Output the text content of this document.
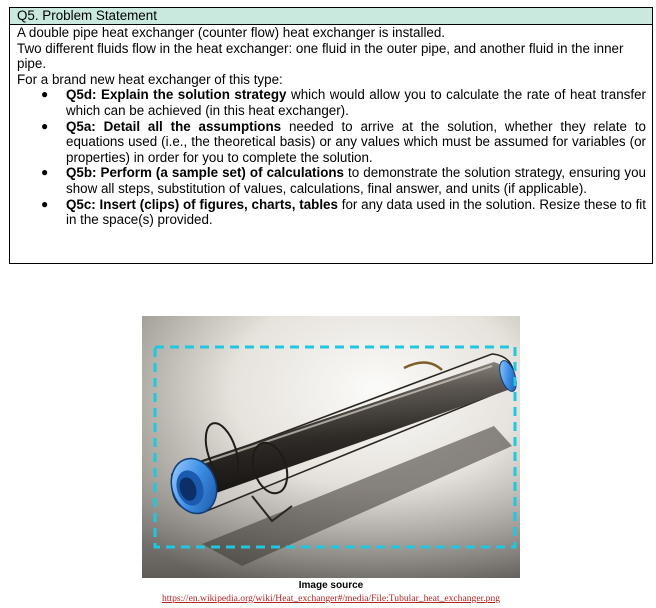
Q5. Problem Statement

A double pipe heat exchanger (counter flow) heat exchanger is installed.

Two different fluids flow in the heat exchanger: one fluid in the outer pipe, and another fluid in the inner pipe.

For a brand new heat exchanger of this type:

● Q5d: Explain the solution strategy which would allow you to calculate the rate of heat transfer which can be achieved (in this heat exchanger).
● Q5a: Detail all the assumptions needed to arrive at the solution, whether they relate to equations used (i.e., the theoretical basis) or any values which must be assumed for variables (or properties) in order for you to complete the solution.
● Q5b: Perform (a sample set) of calculations to demonstrate the solution strategy, ensuring you show all steps, substitution of values, calculations, final answer, and units (if applicable).
● Q5c: Insert (clips) of figures, charts, tables for any data used in the solution. Resize these to fit in the space(s) provided.
Image source
https://en.wikipedia.org/wiki/Heat_exchanger#/media/File:Tubular_heat_exchanger.png
